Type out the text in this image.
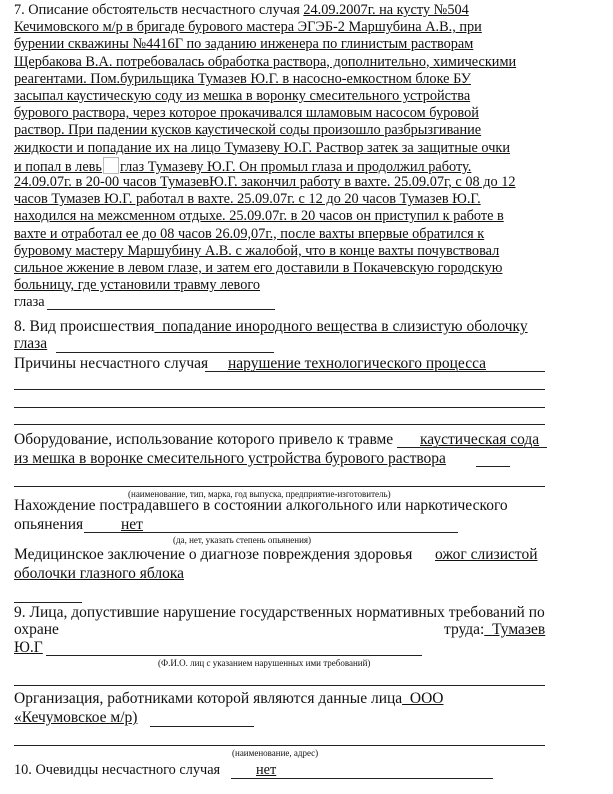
7. Описание обстоятельств несчастного случая 24.09.2007г. на кусту №504
Кечимовского м/р в бригаде бурового мастера ЭГЭБ-2 Маршубина А.В., при
бурении скважины №4416Г по заданию инженера по глинистым растворам
Щербакова В.А. потребовалась обработка раствора, дополнительно, химическими
реагентами. Пом.бурильщика Тумазев Ю.Г. в насосно-емкостном блоке БУ
засыпал каустическую соду из мешка в воронку смесительного устройства
бурового раствора, через которое прокачивался шламовым насосом буровой
раствор. При падении кусков каустической соды произошло разбрызгивание
жидкости и попадание их на лицо Тумазеву Ю.Г. Раствор затек за защитные очки
и попал в левь глаз Тумазеву Ю.Г. Он промыл глаза и продолжил работу.
24.09.07г. в 20-00 часов ТумазевЮ.Г. закончил работу в вахте. 25.09.07г, с 08 до 12
часов Тумазев Ю.Г. работал в вахте. 25.09.07г. с 12 до 20 часов Тумазев Ю.Г.
находился на межсменном отдыхе. 25.09.07г. в 20 часов он приступил к работе в
вахте и отработал ее до 08 часов 26.09,07г., после вахты впервые обратился к
буровому мастеру Маршубину А.В. с жалобой, что в конце вахты почувствовал
сильное жжение в левом глазе, и затем его доставили в Покачевскую городскую
больницу, где установили травму левого
глаза
8. Вид происшествия​_попадание инородного вещества в слизистую оболочку
глаза
Причины несчастного случая нарушение технологического процесса
Оборудование, использование которого привело к травме каустическая сода
из мешка в воронке смесительного устройства бурового раствора
(наименование, тип, марка, год выпуска, предприятие-изготовитель)
Нахождение пострадавшего в состоянии алкогольного или наркотического
опьянения нет
(да, нет, указать степень опьянения)
Медицинское заключение о диагнозе повреждения здоровья ожог слизистой
оболочки глазного яблока
9. Лица, допустившие нарушение государственных нормативных требований по
охране	труда:_Тумазев
Ю.Г
(Ф.И.О. лиц с указанием нарушенных ими требований)
Организация, работниками которой являются данные лица_ООО
«Кечумовское м/р)
(наименование, адрес)
10. Очевидцы несчастного случая	нет
